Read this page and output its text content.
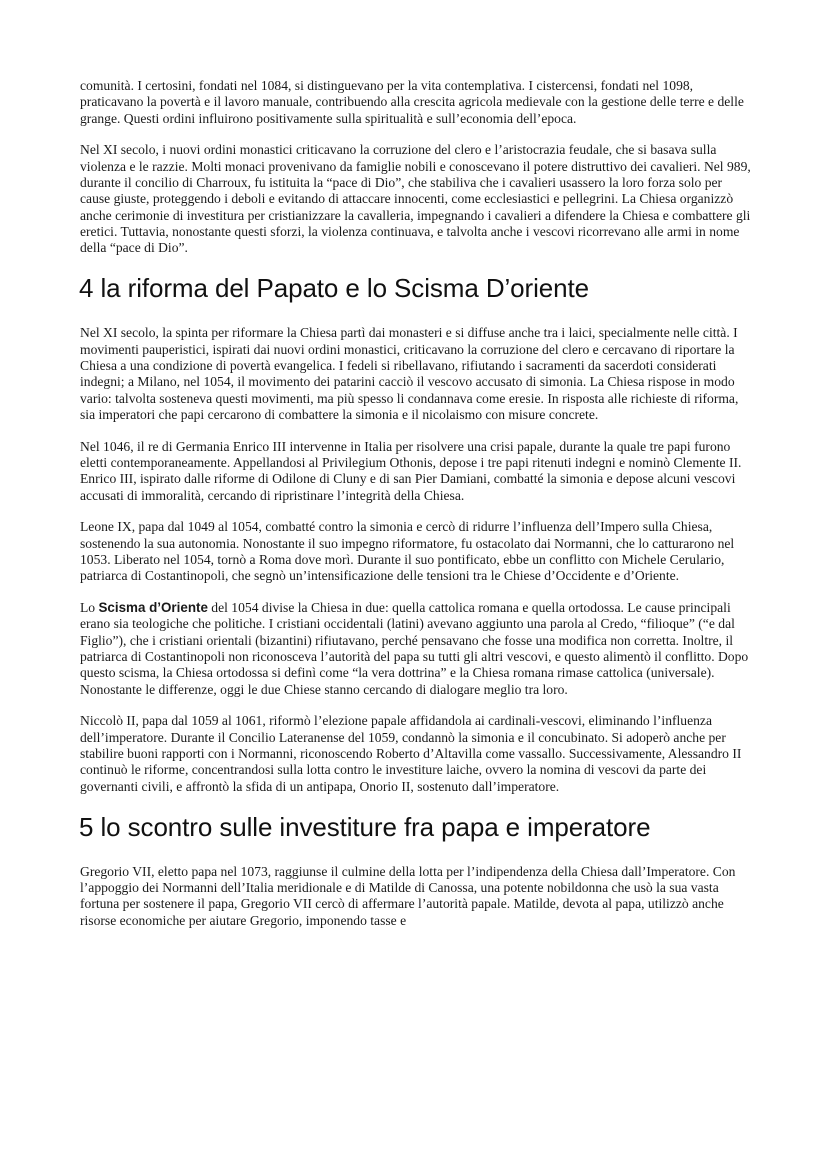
comunità. I certosini, fondati nel 1084, si distinguevano per la vita contemplativa. I cistercensi, fondati nel 1098, praticavano la povertà e il lavoro manuale, contribuendo alla crescita agricola medievale con la gestione delle terre e delle grange. Questi ordini influirono positivamente sulla spiritualità e sull’economia dell’epoca.

Nel XI secolo, i nuovi ordini monastici criticavano la corruzione del clero e l’aristocrazia feudale, che si basava sulla violenza e le razzie. Molti monaci provenivano da famiglie nobili e conoscevano il potere distruttivo dei cavalieri. Nel 989, durante il concilio di Charroux, fu istituita la “pace di Dio”, che stabiliva che i cavalieri usassero la loro forza solo per cause giuste, proteggendo i deboli e evitando di attaccare innocenti, come ecclesiastici e pellegrini. La Chiesa organizzò anche cerimonie di investitura per cristianizzare la cavalleria, impegnando i cavalieri a difendere la Chiesa e combattere gli eretici. Tuttavia, nonostante questi sforzi, la violenza continuava, e talvolta anche i vescovi ricorrevano alle armi in nome della “pace di Dio”.

4 la riforma del Papato e lo Scisma D’oriente

Nel XI secolo, la spinta per riformare la Chiesa partì dai monasteri e si diffuse anche tra i laici, specialmente nelle città. I movimenti pauperistici, ispirati dai nuovi ordini monastici, criticavano la corruzione del clero e cercavano di riportare la Chiesa a una condizione di povertà evangelica. I fedeli si ribellavano, rifiutando i sacramenti da sacerdoti considerati indegni; a Milano, nel 1054, il movimento dei patarini cacciò il vescovo accusato di simonia. La Chiesa rispose in modo vario: talvolta sosteneva questi movimenti, ma più spesso li condannava come eresie. In risposta alle richieste di riforma, sia imperatori che papi cercarono di combattere la simonia e il nicolaismo con misure concrete.

Nel 1046, il re di Germania Enrico III intervenne in Italia per risolvere una crisi papale, durante la quale tre papi furono eletti contemporaneamente. Appellandosi al Privilegium Othonis, depose i tre papi ritenuti indegni e nominò Clemente II. Enrico III, ispirato dalle riforme di Odilone di Cluny e di san Pier Damiani, combatté la simonia e depose alcuni vescovi accusati di immoralità, cercando di ripristinare l’integrità della Chiesa.

Leone IX, papa dal 1049 al 1054, combatté contro la simonia e cercò di ridurre l’influenza dell’Impero sulla Chiesa, sostenendo la sua autonomia. Nonostante il suo impegno riformatore, fu ostacolato dai Normanni, che lo catturarono nel 1053. Liberato nel 1054, tornò a Roma dove morì. Durante il suo pontificato, ebbe un conflitto con Michele Cerulario, patriarca di Costantinopoli, che segnò un’intensificazione delle tensioni tra le Chiese d’Occidente e d’Oriente.

Lo Scisma d’Oriente del 1054 divise la Chiesa in due: quella cattolica romana e quella ortodossa. Le cause principali erano sia teologiche che politiche. I cristiani occidentali (latini) avevano aggiunto una parola al Credo, “filioque” (“e dal Figlio”), che i cristiani orientali (bizantini) rifiutavano, perché pensavano che fosse una modifica non corretta. Inoltre, il patriarca di Costantinopoli non riconosceva l’autorità del papa su tutti gli altri vescovi, e questo alimentò il conflitto. Dopo questo scisma, la Chiesa ortodossa si definì come “la vera dottrina” e la Chiesa romana rimase cattolica (universale). Nonostante le differenze, oggi le due Chiese stanno cercando di dialogare meglio tra loro.

Niccolò II, papa dal 1059 al 1061, riformò l’elezione papale affidandola ai cardinali-vescovi, eliminando l’influenza dell’imperatore. Durante il Concilio Lateranense del 1059, condannò la simonia e il concubinato. Si adoperò anche per stabilire buoni rapporti con i Normanni, riconoscendo Roberto d’Altavilla come vassallo. Successivamente, Alessandro II continuò le riforme, concentrandosi sulla lotta contro le investiture laiche, ovvero la nomina di vescovi da parte dei governanti civili, e affrontò la sfida di un antipapa, Onorio II, sostenuto dall’imperatore.

5 lo scontro sulle investiture fra papa e imperatore

Gregorio VII, eletto papa nel 1073, raggiunse il culmine della lotta per l’indipendenza della Chiesa dall’Imperatore. Con l’appoggio dei Normanni dell’Italia meridionale e di Matilde di Canossa, una potente nobildonna che usò la sua vasta fortuna per sostenere il papa, Gregorio VII cercò di affermare l’autorità papale. Matilde, devota al papa, utilizzò anche risorse economiche per aiutare Gregorio, imponendo tasse e
